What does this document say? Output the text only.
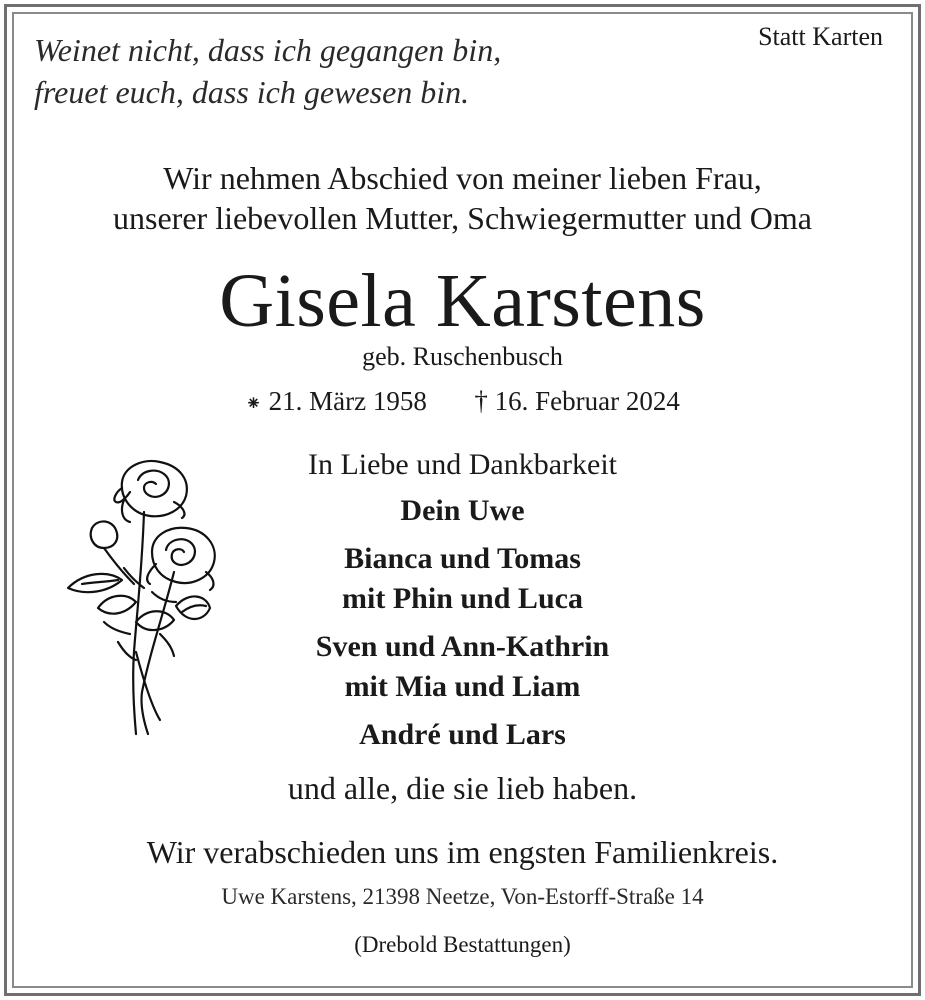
Statt Karten
Weinet nicht, dass ich gegangen bin,
freuet euch, dass ich gewesen bin.
Wir nehmen Abschied von meiner lieben Frau,
unserer liebevollen Mutter, Schwiegermutter und Oma
Gisela Karstens
geb. Ruschenbusch
⁕ 21. März 1958 † 16. Februar 2024
In Liebe und Dankbarkeit
Dein Uwe
Bianca und Tomas
mit Phin und Luca
Sven und Ann-Kathrin
mit Mia und Liam
André und Lars
und alle, die sie lieb haben.
Wir verabschieden uns im engsten Familienkreis.
Uwe Karstens, 21398 Neetze, Von-Estorff-Straße 14
(Drebold Bestattungen)
